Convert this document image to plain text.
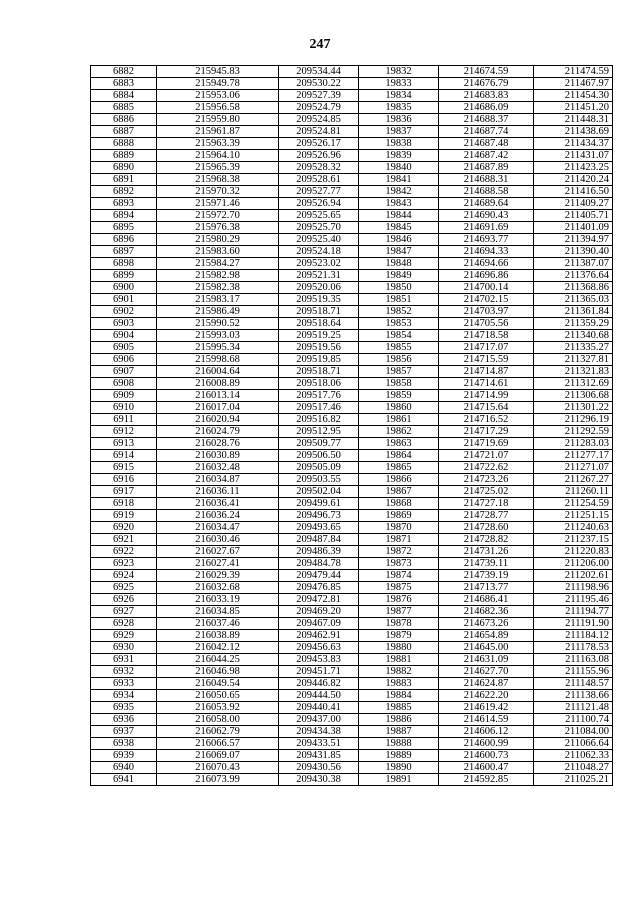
247
6882	215945.83	209534.44	19832	214674.59	211474.59
6883	215949.78	209530.22	19833	214676.79	211467.97
6884	215953.06	209527.39	19834	214683.83	211454.30
6885	215956.58	209524.79	19835	214686.09	211451.20
6886	215959.80	209524.85	19836	214688.37	211448.31
6887	215961.87	209524.81	19837	214687.74	211438.69
6888	215963.39	209526.17	19838	214687.48	211434.37
6889	215964.10	209526.96	19839	214687.42	211431.07
6890	215965.39	209528.32	19840	214687.89	211423.25
6891	215968.38	209528.61	19841	214688.31	211420.24
6892	215970.32	209527.77	19842	214688.58	211416.50
6893	215971.46	209526.94	19843	214689.64	211409.27
6894	215972.70	209525.65	19844	214690.43	211405.71
6895	215976.38	209525.70	19845	214691.69	211401.09
6896	215980.29	209525.40	19846	214693.77	211394.97
6897	215983.60	209524.18	19847	214694.33	211390.40
6898	215984.27	209523.02	19848	214694.66	211387.07
6899	215982.98	209521.31	19849	214696.86	211376.64
6900	215982.38	209520.06	19850	214700.14	211368.86
6901	215983.17	209519.35	19851	214702.15	211365.03
6902	215986.49	209518.71	19852	214703.97	211361.84
6903	215990.52	209518.64	19853	214705.56	211359.29
6904	215993.03	209519.25	19854	214718.58	211340.68
6905	215995.34	209519.56	19855	214717.07	211335.27
6906	215998.68	209519.85	19856	214715.59	211327.81
6907	216004.64	209518.71	19857	214714.87	211321.83
6908	216008.89	209518.06	19858	214714.61	211312.69
6909	216013.14	209517.76	19859	214714.99	211306.68
6910	216017.04	209517.46	19860	214715.64	211301.22
6911	216020.94	209516.82	19861	214716.52	211296.19
6912	216024.79	209512.95	19862	214717.29	211292.59
6913	216028.76	209509.77	19863	214719.69	211283.03
6914	216030.89	209506.50	19864	214721.07	211277.17
6915	216032.48	209505.09	19865	214722.62	211271.07
6916	216034.87	209503.55	19866	214723.26	211267.27
6917	216036.11	209502.04	19867	214725.02	211260.11
6918	216036.41	209499.61	19868	214727.18	211254.59
6919	216036.24	209496.73	19869	214728.77	211251.15
6920	216034.47	209493.65	19870	214728.60	211240.63
6921	216030.46	209487.84	19871	214728.82	211237.15
6922	216027.67	209486.39	19872	214731.26	211220.83
6923	216027.41	209484.78	19873	214739.11	211206.00
6924	216029.39	209479.44	19874	214739.19	211202.61
6925	216032.68	209476.85	19875	214713.77	211198.96
6926	216033.19	209472.81	19876	214686.41	211195.46
6927	216034.85	209469.20	19877	214682.36	211194.77
6928	216037.46	209467.09	19878	214673.26	211191.90
6929	216038.89	209462.91	19879	214654.89	211184.12
6930	216042.12	209456.63	19880	214645.00	211178.53
6931	216044.25	209453.83	19881	214631.09	211163.08
6932	216046.98	209451.71	19882	214627.70	211155.96
6933	216049.54	209446.82	19883	214624.87	211148.57
6934	216050.65	209444.50	19884	214622.20	211138.66
6935	216053.92	209440.41	19885	214619.42	211121.48
6936	216058.00	209437.00	19886	214614.59	211100.74
6937	216062.79	209434.38	19887	214606.12	211084.00
6938	216066.57	209433.51	19888	214600.99	211066.64
6939	216069.07	209431.85	19889	214600.73	211062.33
6940	216070.43	209430.56	19890	214600.47	211048.27
6941	216073.99	209430.38	19891	214592.85	211025.21
